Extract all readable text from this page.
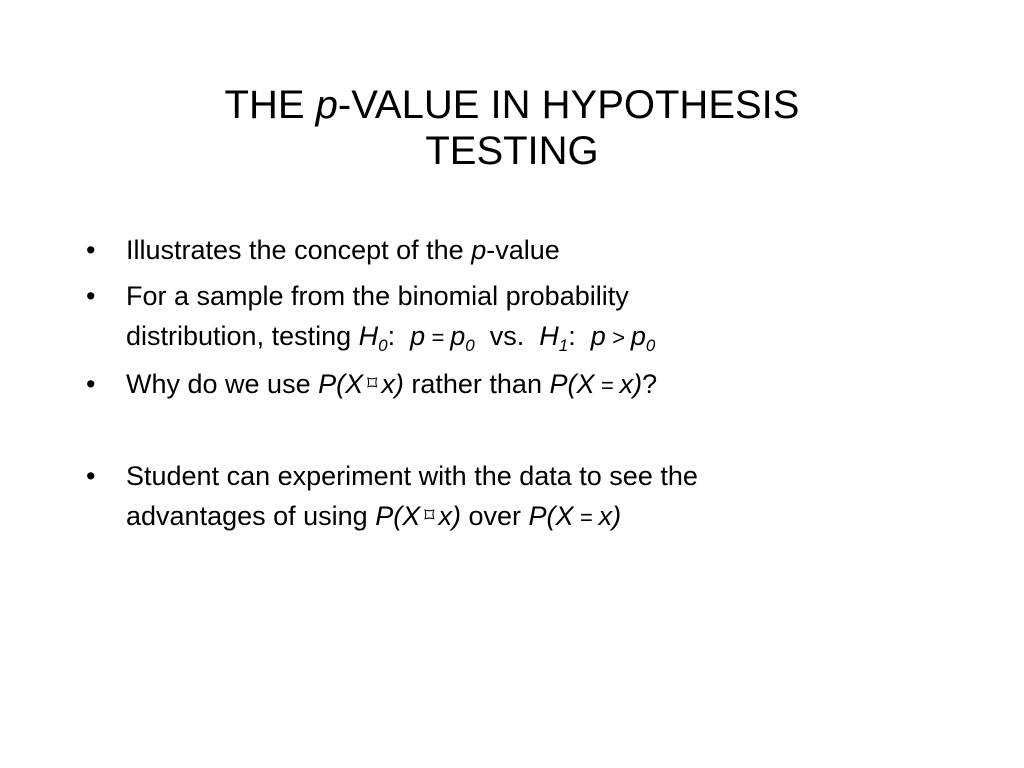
THE p-VALUE IN HYPOTHESIS
TESTING
• Illustrates the concept of the p-value
• For a sample from the binomial probability
distribution, testing $H_0$:  $p = p_0$  vs.  $H_1$:  $p > p_0$
• Why do we use P(X ⌑ x) rather than P(X = x)?
• Student can experiment with the data to see the
advantages of using P(X ⌑ x) over P(X = x)
